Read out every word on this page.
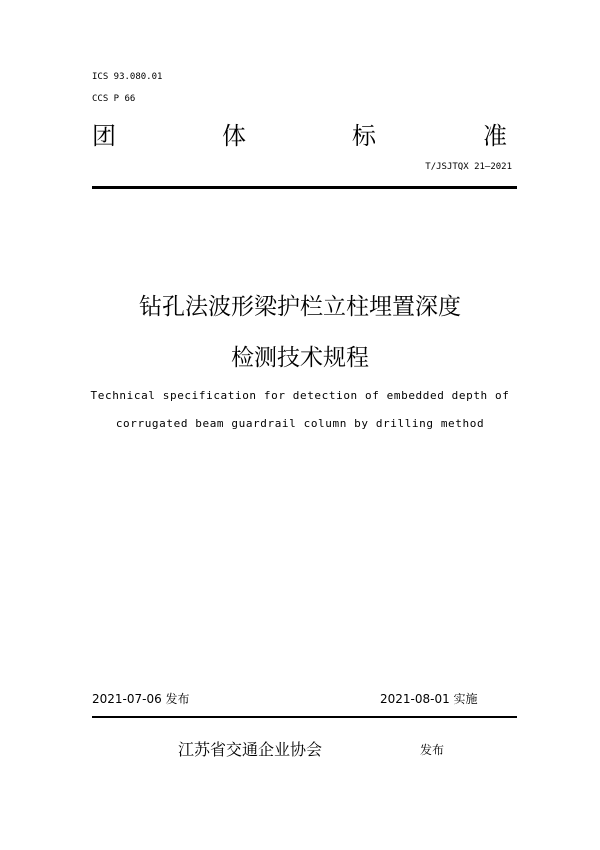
ICS 93.080.01
CCS P 66
团	体	标	准
T/JSJTQX 21—2021
钻孔法波形梁护栏立柱埋置深度
检测技术规程
Technical specification for detection of embedded depth of
corrugated beam guardrail column by drilling method
2021-07-06 发布	2021-08-01 实施
江苏省交通企业协会	发布
